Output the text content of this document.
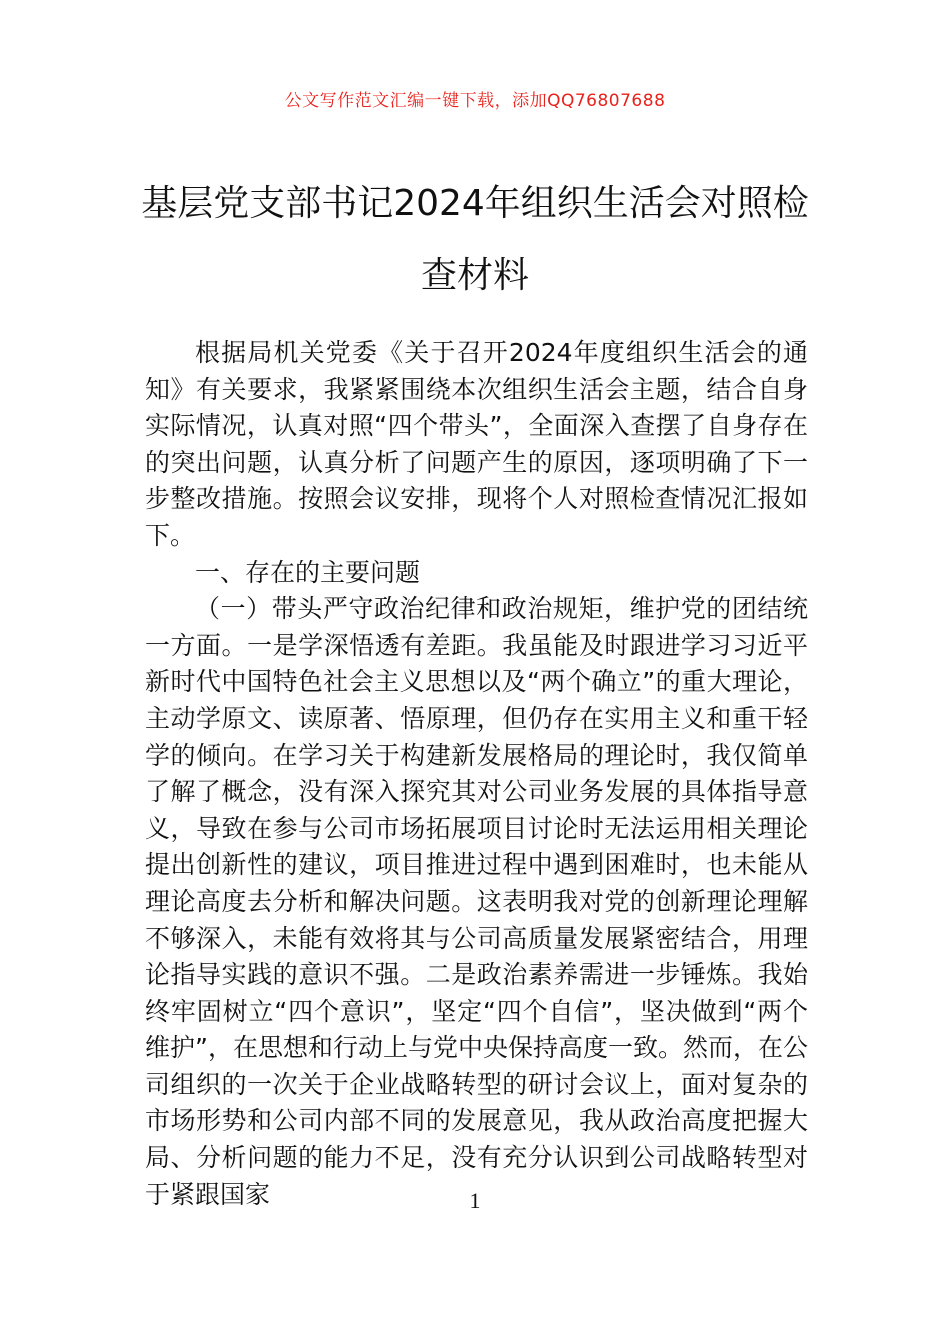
公文写作范文汇编一键下载，添加QQ76807688
基层党支部书记2024年组织生活会对照检查材料

根据局机关党委《关于召开2024年度组织生活会的通知》有关要求，我紧紧围绕本次组织生活会主题，结合自身实际情况，认真对照“四个带头”，全面深入查摆了自身存在的突出问题，认真分析了问题产生的原因，逐项明确了下一步整改措施。按照会议安排，现将个人对照检查情况汇报如下。

一、存在的主要问题

（一）带头严守政治纪律和政治规矩，维护党的团结统一方面。一是学深悟透有差距。我虽能及时跟进学习习近平新时代中国特色社会主义思想以及“两个确立”的重大理论，主动学原文、读原著、悟原理，但仍存在实用主义和重干轻学的倾向。在学习关于构建新发展格局的理论时，我仅简单了解了概念，没有深入探究其对公司业务发展的具体指导意义，导致在参与公司市场拓展项目讨论时无法运用相关理论提出创新性的建议，项目推进过程中遇到困难时，也未能从理论高度去分析和解决问题。这表明我对党的创新理论理解不够深入，未能有效将其与公司高质量发展紧密结合，用理论指导实践的意识不强。二是政治素养需进一步锤炼。我始终牢固树立“四个意识”，坚定“四个自信”，坚决做到“两个维护”，在思想和行动上与党中央保持高度一致。然而，在公司组织的一次关于企业战略转型的研讨会议上，面对复杂的市场形势和公司内部不同的发展意见，我从政治高度把握大局、分析问题的能力不足，没有充分认识到公司战略转型对于紧跟国家	1
